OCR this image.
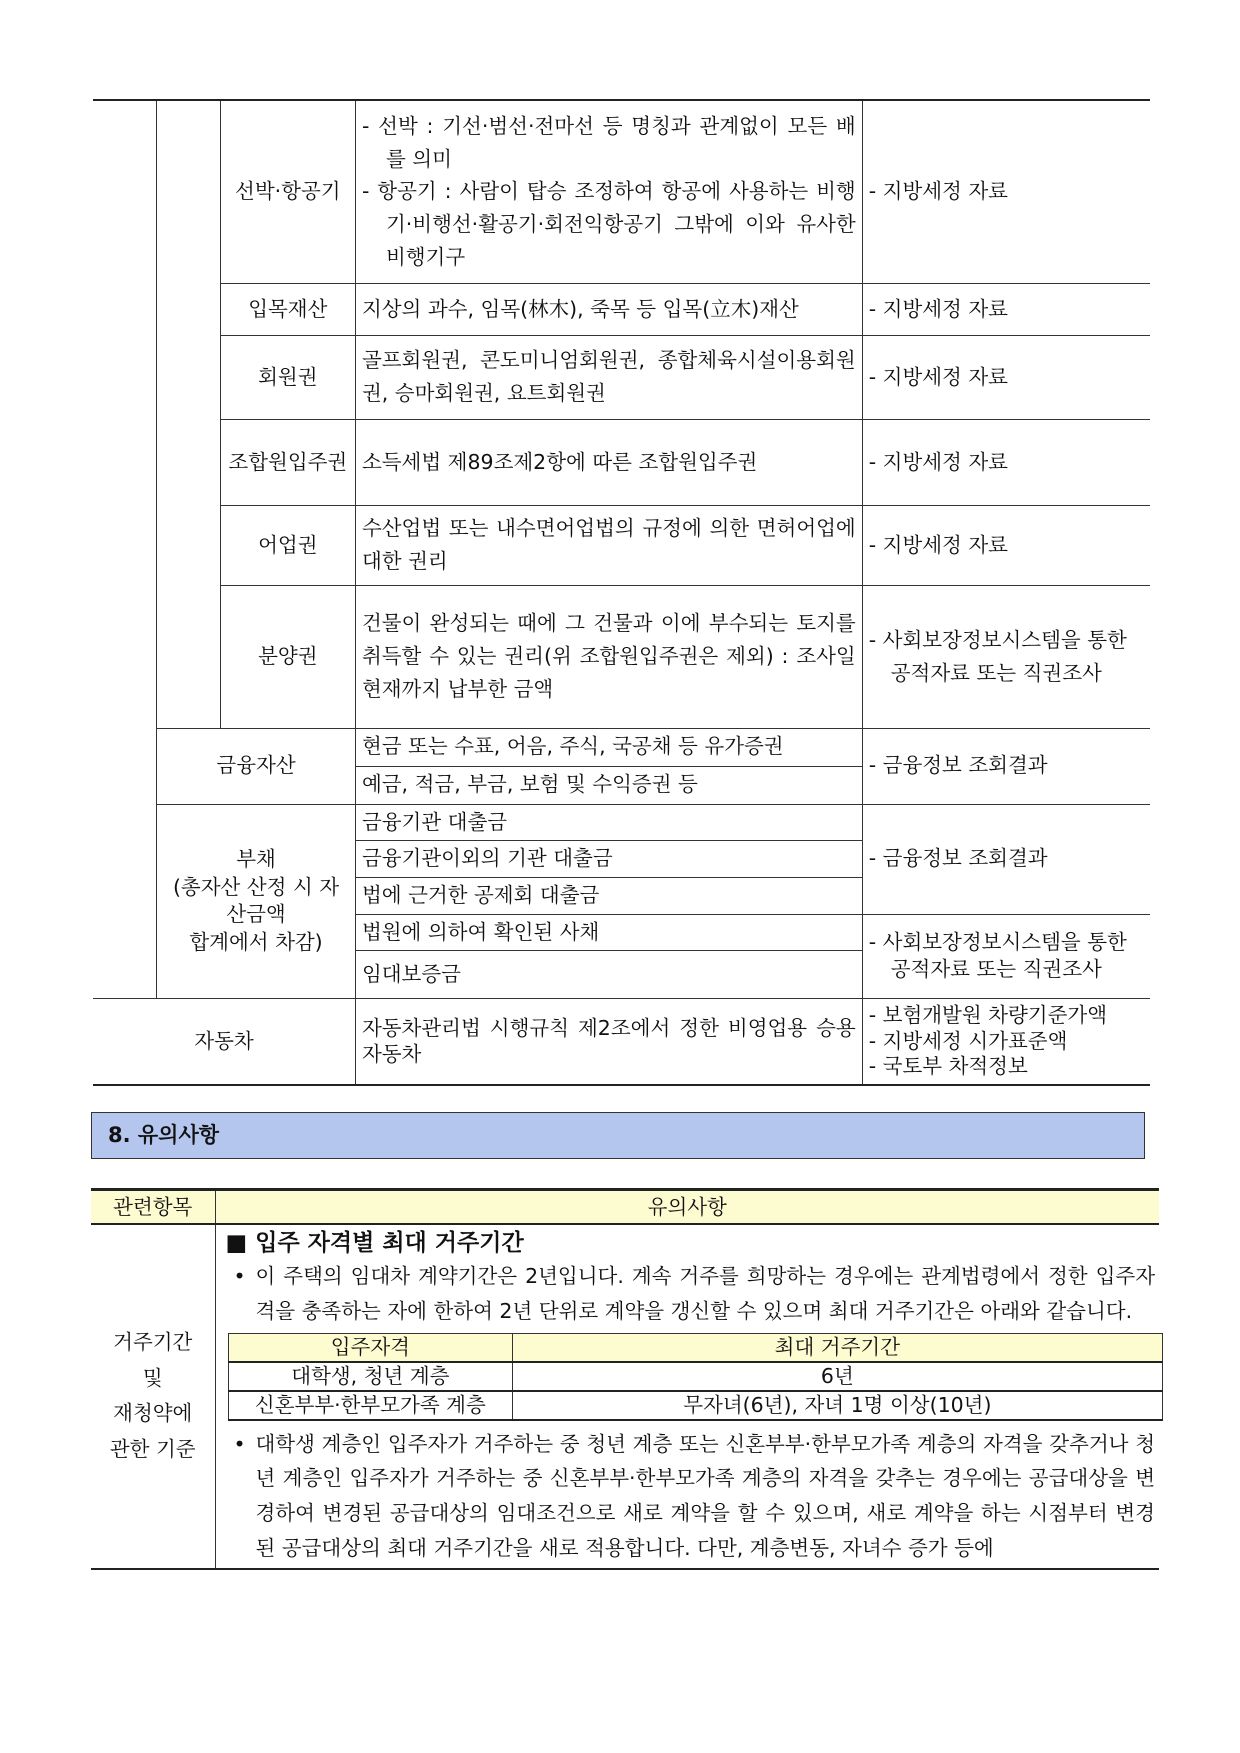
		선박·항공기	- 선박 : 기선·범선·전마선 등 명칭과 관계없이 모든 배를 의미
- 항공기 : 사람이 탑승 조정하여 항공에 사용하는 비행기·비행선·활공기·회전익항공기 그밖에 이와 유사한 비행기구	- 지방세정 자료
		입목재산	지상의 과수, 임목(林木), 죽목 등 입목(立木)재산	- 지방세정 자료
		회원권	골프회원권, 콘도미니엄회원권, 종합체육시설이용회원권, 승마회원권, 요트회원권	- 지방세정 자료
		조합원입주권	소득세법 제89조제2항에 따른 조합원입주권	- 지방세정 자료
		어업권	수산업법 또는 내수면어업법의 규정에 의한 면허어업에 대한 권리	- 지방세정 자료
		분양권	건물이 완성되는 때에 그 건물과 이에 부수되는 토지를 취득할 수 있는 권리(위 조합원입주권은 제외) : 조사일 현재까지 납부한 금액	- 사회보장정보시스템을 통한 공적자료 또는 직권조사

	금융자산		현금 또는 수표, 어음, 주식, 국공채 등 유가증권	- 금융정보 조회결과
			예금, 적금, 부금, 보험 및 수익증권 등	
	부채
(총자산 산정 시 자산금액
합계에서 차감)		금융기관 대출금	- 금융정보 조회결과
			금융기관이외의 기관 대출금	
			법에 근거한 공제회 대출금	
			법원에 의하여 확인된 사채	- 사회보장정보시스템을 통한 공적자료 또는 직권조사

			임대보증금	
자동차			자동차관리법 시행규칙 제2조에서 정한 비영업용 승용자동차	- 보험개발원 차량기준가액
- 지방세정 시가표준액
- 국토부 차적정보
8. 유의사항
관련항목	유의사항
거주기간
및
재청약에
관한 기준	
■ 입주 자격별 최대 거주기간
• 이 주택의 임대차 계약기간은 2년입니다. 계속 거주를 희망하는 경우에는 관계법령에서 정한 입주자격을 충족하는 자에 한하여 2년 단위로 계약을 갱신할 수 있으며 최대 거주기간은 아래와 같습니다.
입주자격	최대 거주기간
대학생, 청년 계층	6년
신혼부부·한부모가족 계층	무자녀(6년), 자녀 1명 이상(10년)
• 대학생 계층인 입주자가 거주하는 중 청년 계층 또는 신혼부부·한부모가족 계층의 자격을 갖추거나 청년 계층인 입주자가 거주하는 중 신혼부부·한부모가족 계층의 자격을 갖추는 경우에는 공급대상을 변경하여 변경된 공급대상의 임대조건으로 새로 계약을 할 수 있으며, 새로 계약을 하는 시점부터 변경된 공급대상의 최대 거주기간을 새로 적용합니다. 다만, 계층변동, 자녀수 증가 등에
